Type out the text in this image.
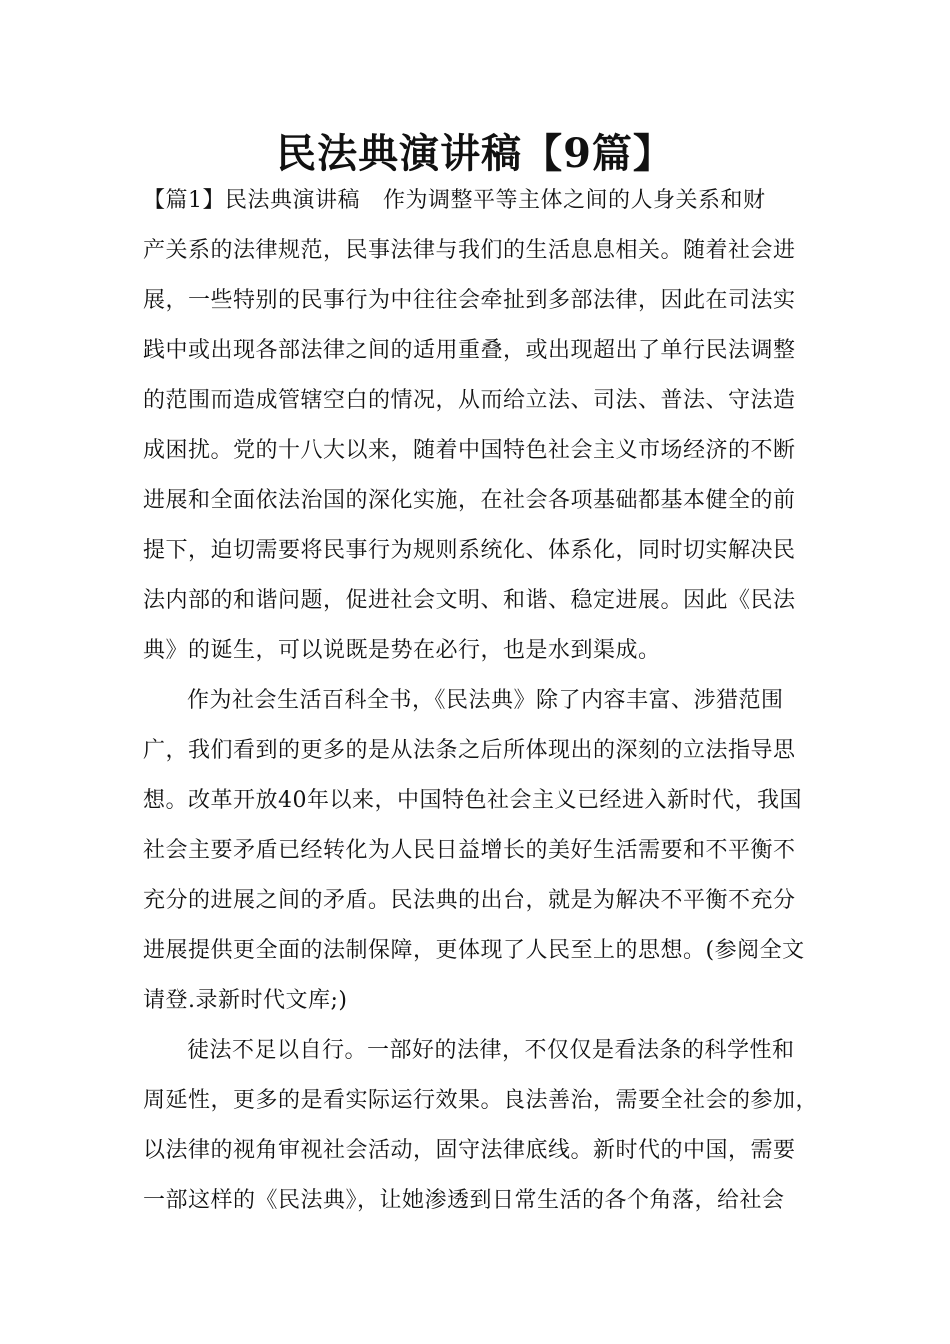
民法典演讲稿【9篇】
【篇1】民法典演讲稿 作为调整平等主体之间的人身关系和财
产关系的法律规范，民事法律与我们的生活息息相关。随着社会进
展，一些特别的民事行为中往往会牵扯到多部法律，因此在司法实
践中或出现各部法律之间的适用重叠，或出现超出了单行民法调整
的范围而造成管辖空白的情况，从而给立法、司法、普法、守法造
成困扰。党的十八大以来，随着中国特色社会主义市场经济的不断
进展和全面依法治国的深化实施，在社会各项基础都基本健全的前
提下，迫切需要将民事行为规则系统化、体系化，同时切实解决民
法内部的和谐问题，促进社会文明、和谐、稳定进展。因此《民法
典》的诞生，可以说既是势在必行，也是水到渠成。
作为社会生活百科全书，《民法典》除了内容丰富、涉猎范围
广，我们看到的更多的是从法条之后所体现出的深刻的立法指导思
想。改革开放40年以来，中国特色社会主义已经进入新时代，我国
社会主要矛盾已经转化为人民日益增长的美好生活需要和不平衡不
充分的进展之间的矛盾。民法典的出台，就是为解决不平衡不充分
进展提供更全面的法制保障，更体现了人民至上的思想。(参阅全文
请登.录新时代文库;)
徒法不足以自行。一部好的法律，不仅仅是看法条的科学性和
周延性，更多的是看实际运行效果。良法善治，需要全社会的参加，
以法律的视角审视社会活动，固守法律底线。新时代的中国，需要
一部这样的《民法典》，让她渗透到日常生活的各个角落，给社会
